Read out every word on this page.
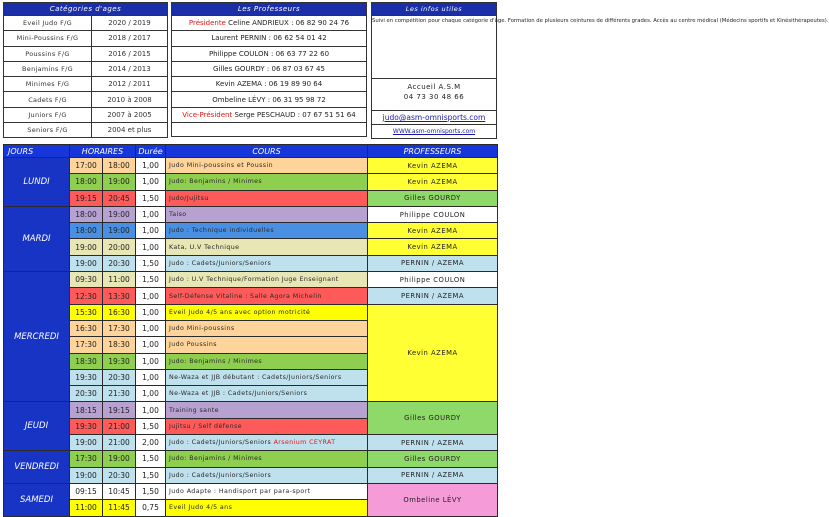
Catégories d'ages	
Eveil Judo F/G	2020 / 2019
Mini-Poussins F/G	2018 / 2017
Poussins F/G	2016 / 2015
Benjamins F/G	2014 / 2013
Minimes F/G	2012 / 2011
Cadets F/G	2010 à 2008
Juniors F/G	2007 à 2005
Seniors F/G	2004 et plus
Les Professeurs
Présidente Celine ANDRIEUX : 06 82 90 24 76
Laurent PERNIN : 06 62 54 01 42
Philippe COULON : 06 63 77 22 60
Gilles GOURDY : 06 87 03 67 45
Kevin AZEMA : 06 19 89 90 64
Ombeline LÉVY : 06 31 95 98 72
Vice-Président Serge PESCHAUD : 07 67 51 51 64

Les infos utiles
Suivi en compétition pour chaque catégorie d'âge. Formation de plusieurs ceintures de différents grades. Accès au centre médical (Médecins sportifs et Kinésithérapeutes).

Accueil A.S.M
04 73 30 48 66

judo@asm-omnisports.com
WWW.asm-omnisports.com
JOURS	HORAIRES		Durée	COURS	PROFESSEURS
LUNDI	17:00	18:00	1,00	Judo Mini-poussins et Poussin	Kevin AZEMA
	18:00	19:00	1,00	Judo: Benjamins / Minimes	Kevin AZEMA
	19:15	20:45	1,50	Judo/Jujitsu	Gilles GOURDY
MARDI	18:00	19:00	1,00	Taiso	Philippe COULON
	18:00	19:00	1,00	Judo : Technique individuelles	Kevin AZEMA
	19:00	20:00	1,00	Kata, U.V Technique	Kevin AZEMA
	19:00	20:30	1,50	Judo : Cadets/Juniors/Seniors	PERNIN / AZEMA
MERCREDI	09:30	11:00	1,50	Judo : U.V Technique/Formation Juge Enseignant	Philippe COULON
	12:30	13:30	1,00	Self-Défense Vitaline : Salle Agora Michelin	PERNIN / AZEMA
	15:30	16:30	1,00	Eveil Judo 4/5 ans avec option motricité	Kevin AZEMA
	16:30	17:30	1,00	Judo Mini-poussins	
	17:30	18:30	1,00	Judo Poussins	
	18:30	19:30	1,00	Judo: Benjamins / Minimes	
	19:30	20:30	1,00	Ne-Waza et JJB débutant : Cadets/Juniors/Seniors	
	20:30	21:30	1,00	Ne-Waza et JJB : Cadets/Juniors/Seniors	
JEUDI	18:15	19:15	1,00	Training sante	Gilles GOURDY
	19:30	21:00	1,50	Jujitsu / Self défense	
	19:00	21:00	2,00	Judo : Cadets/Juniors/Seniors Arsenium CEYRAT	PERNIN / AZEMA
VENDREDI	17:30	19:00	1,50	Judo: Benjamins / Minimes	Gilles GOURDY
	19:00	20:30	1,50	Judo : Cadets/Juniors/Seniors	PERNIN / AZEMA
SAMEDI	09:15	10:45	1,50	Judo Adapte : Handisport par para-sport	Ombeline LÉVY
	11:00	11:45	0,75	Eveil Judo 4/5 ans	
